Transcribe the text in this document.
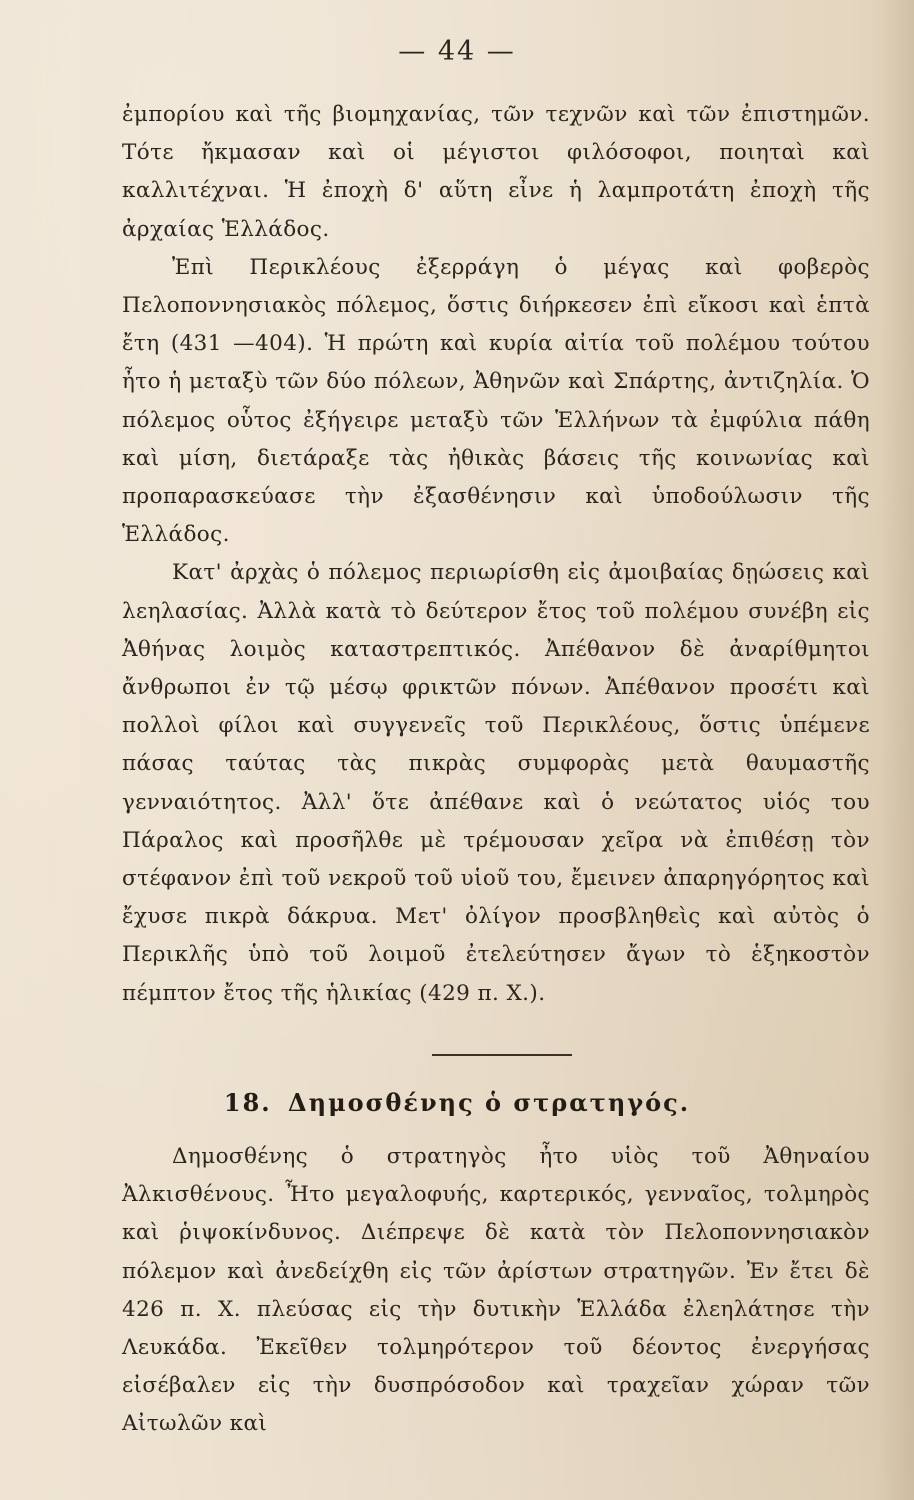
— 44 —

ἐμπορίου καὶ τῆς βιομηχανίας, τῶν τεχνῶν καὶ τῶν ἐπιστημῶν. Τότε ἤκμασαν καὶ οἱ μέγιστοι φιλόσοφοι, ποιηταὶ καὶ καλλιτέχναι. Ἡ ἐποχὴ δ' αὕτη εἶνε ἡ λαμπροτάτη ἐποχὴ τῆς ἀρχαίας Ἑλλάδος.

Ἐπὶ Περικλέους ἐξερράγη ὁ μέγας καὶ φοβερὸς Πελοποννησιακὸς πόλεμος, ὅστις διήρκεσεν ἐπὶ εἴκοσι καὶ ἑπτὰ ἔτη (431 —404). Ἡ πρώτη καὶ κυρία αἰτία τοῦ πολέμου τούτου ἦτο ἡ μεταξὺ τῶν δύο πόλεων, Ἀθηνῶν καὶ Σπάρτης, ἀντιζηλία. Ὁ πόλεμος οὗτος ἐξήγειρε μεταξὺ τῶν Ἑλλήνων τὰ ἐμφύλια πάθη καὶ μίση, διετάραξε τὰς ἠθικὰς βάσεις τῆς κοινωνίας καὶ προπαρασκεύασε τὴν ἐξασθένησιν καὶ ὑποδούλωσιν τῆς Ἑλλάδος.

Κατ' ἀρχὰς ὁ πόλεμος περιωρίσθη εἰς ἀμοιβαίας δῃώσεις καὶ λεηλασίας. Ἀλλὰ κατὰ τὸ δεύτερον ἔτος τοῦ πολέμου συνέβη εἰς Ἀθήνας λοιμὸς καταστρεπτικός. Ἀπέθανον δὲ ἀναρίθμητοι ἄνθρωποι ἐν τῷ μέσῳ φρικτῶν πόνων. Ἀπέθανον προσέτι καὶ πολλοὶ φίλοι καὶ συγγενεῖς τοῦ Περικλέους, ὅστις ὑπέμενε πάσας ταύτας τὰς πικρὰς συμφορὰς μετὰ θαυμαστῆς γενναιότητος. Ἀλλ' ὅτε ἀπέθανε καὶ ὁ νεώτατος υἱός του Πάραλος καὶ προσῆλθε μὲ τρέμουσαν χεῖρα νὰ ἐπιθέσῃ τὸν στέφανον ἐπὶ τοῦ νεκροῦ τοῦ υἱοῦ του, ἔμεινεν ἀπαρηγόρητος καὶ ἔχυσε πικρὰ δάκρυα. Μετ' ὀλίγον προσβληθεὶς καὶ αὐτὸς ὁ Περικλῆς ὑπὸ τοῦ λοιμοῦ ἐτελεύτησεν ἄγων τὸ ἑξηκοστὸν πέμπτον ἔτος τῆς ἡλικίας (429 π. Χ.).

18. Δημοσθένης ὁ στρατηγός.

Δημοσθένης ὁ στρατηγὸς ἦτο υἱὸς τοῦ Ἀθηναίου Ἀλκισθένους. Ἦτο μεγαλοφυής, καρτερικός, γενναῖος, τολμηρὸς καὶ ῥιψοκίνδυνος. Διέπρεψε δὲ κατὰ τὸν Πελοποννησιακὸν πόλεμον καὶ ἀνεδείχθη εἰς τῶν ἀρίστων στρατηγῶν. Ἐν ἔτει δὲ 426 π. Χ. πλεύσας εἰς τὴν δυτικὴν Ἑλλάδα ἐλεηλάτησε τὴν Λευκάδα. Ἐκεῖθεν τολμηρότερον τοῦ δέοντος ἐνεργήσας εἰσέβαλεν εἰς τὴν δυσπρόσοδον καὶ τραχεῖαν χώραν τῶν Αἰτωλῶν καὶ
